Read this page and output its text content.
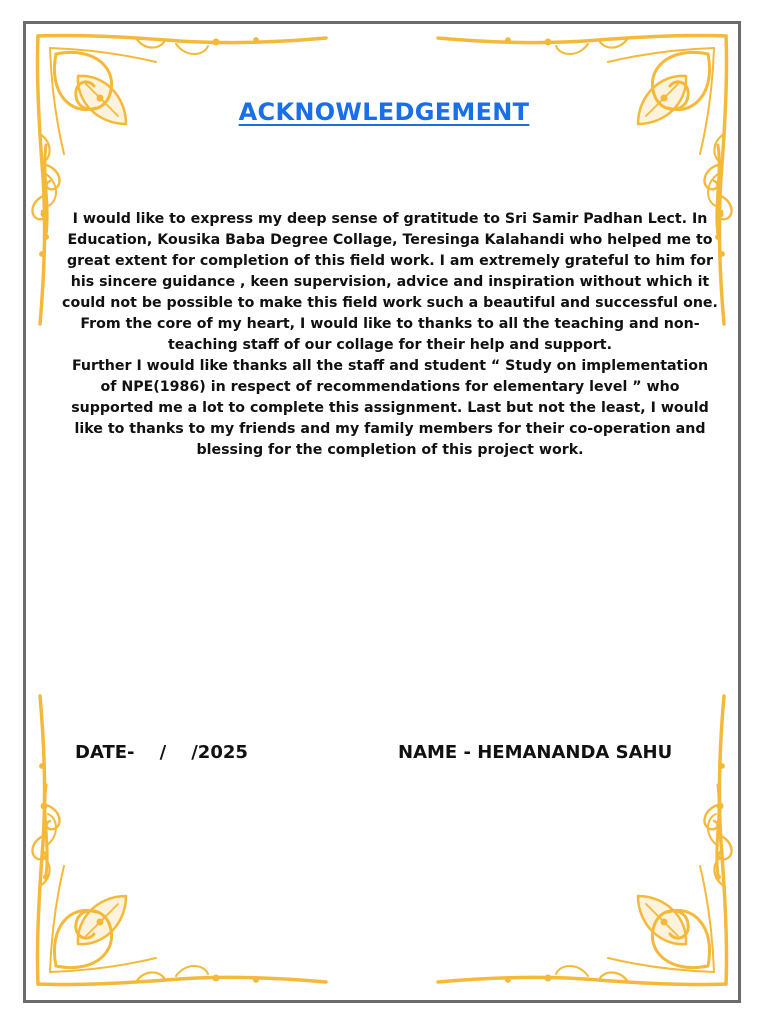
ACKNOWLEDGEMENT

I would like to express my deep sense of gratitude to Sri Samir Padhan Lect. In Education, Kousika Baba Degree Collage, Teresinga Kalahandi who helped me to great extent for completion of this field work. I am extremely grateful to him for his sincere guidance , keen supervision, advice and inspiration without which it could not be possible to make this field work such a beautiful and successful one. From the core of my heart, I would like to thanks to all the teaching and non-teaching staff of our collage for their help and support.

Further I would like thanks all the staff and student “ Study on implementation of NPE(1986) in respect of recommendations for elementary level ” who supported me a lot to complete this assignment. Last but not the least, I would like to thanks to my friends and my family members for their co-operation and blessing for the completion of this project work.

DATE-    /    /2025	NAME - HEMANANDA SAHU
